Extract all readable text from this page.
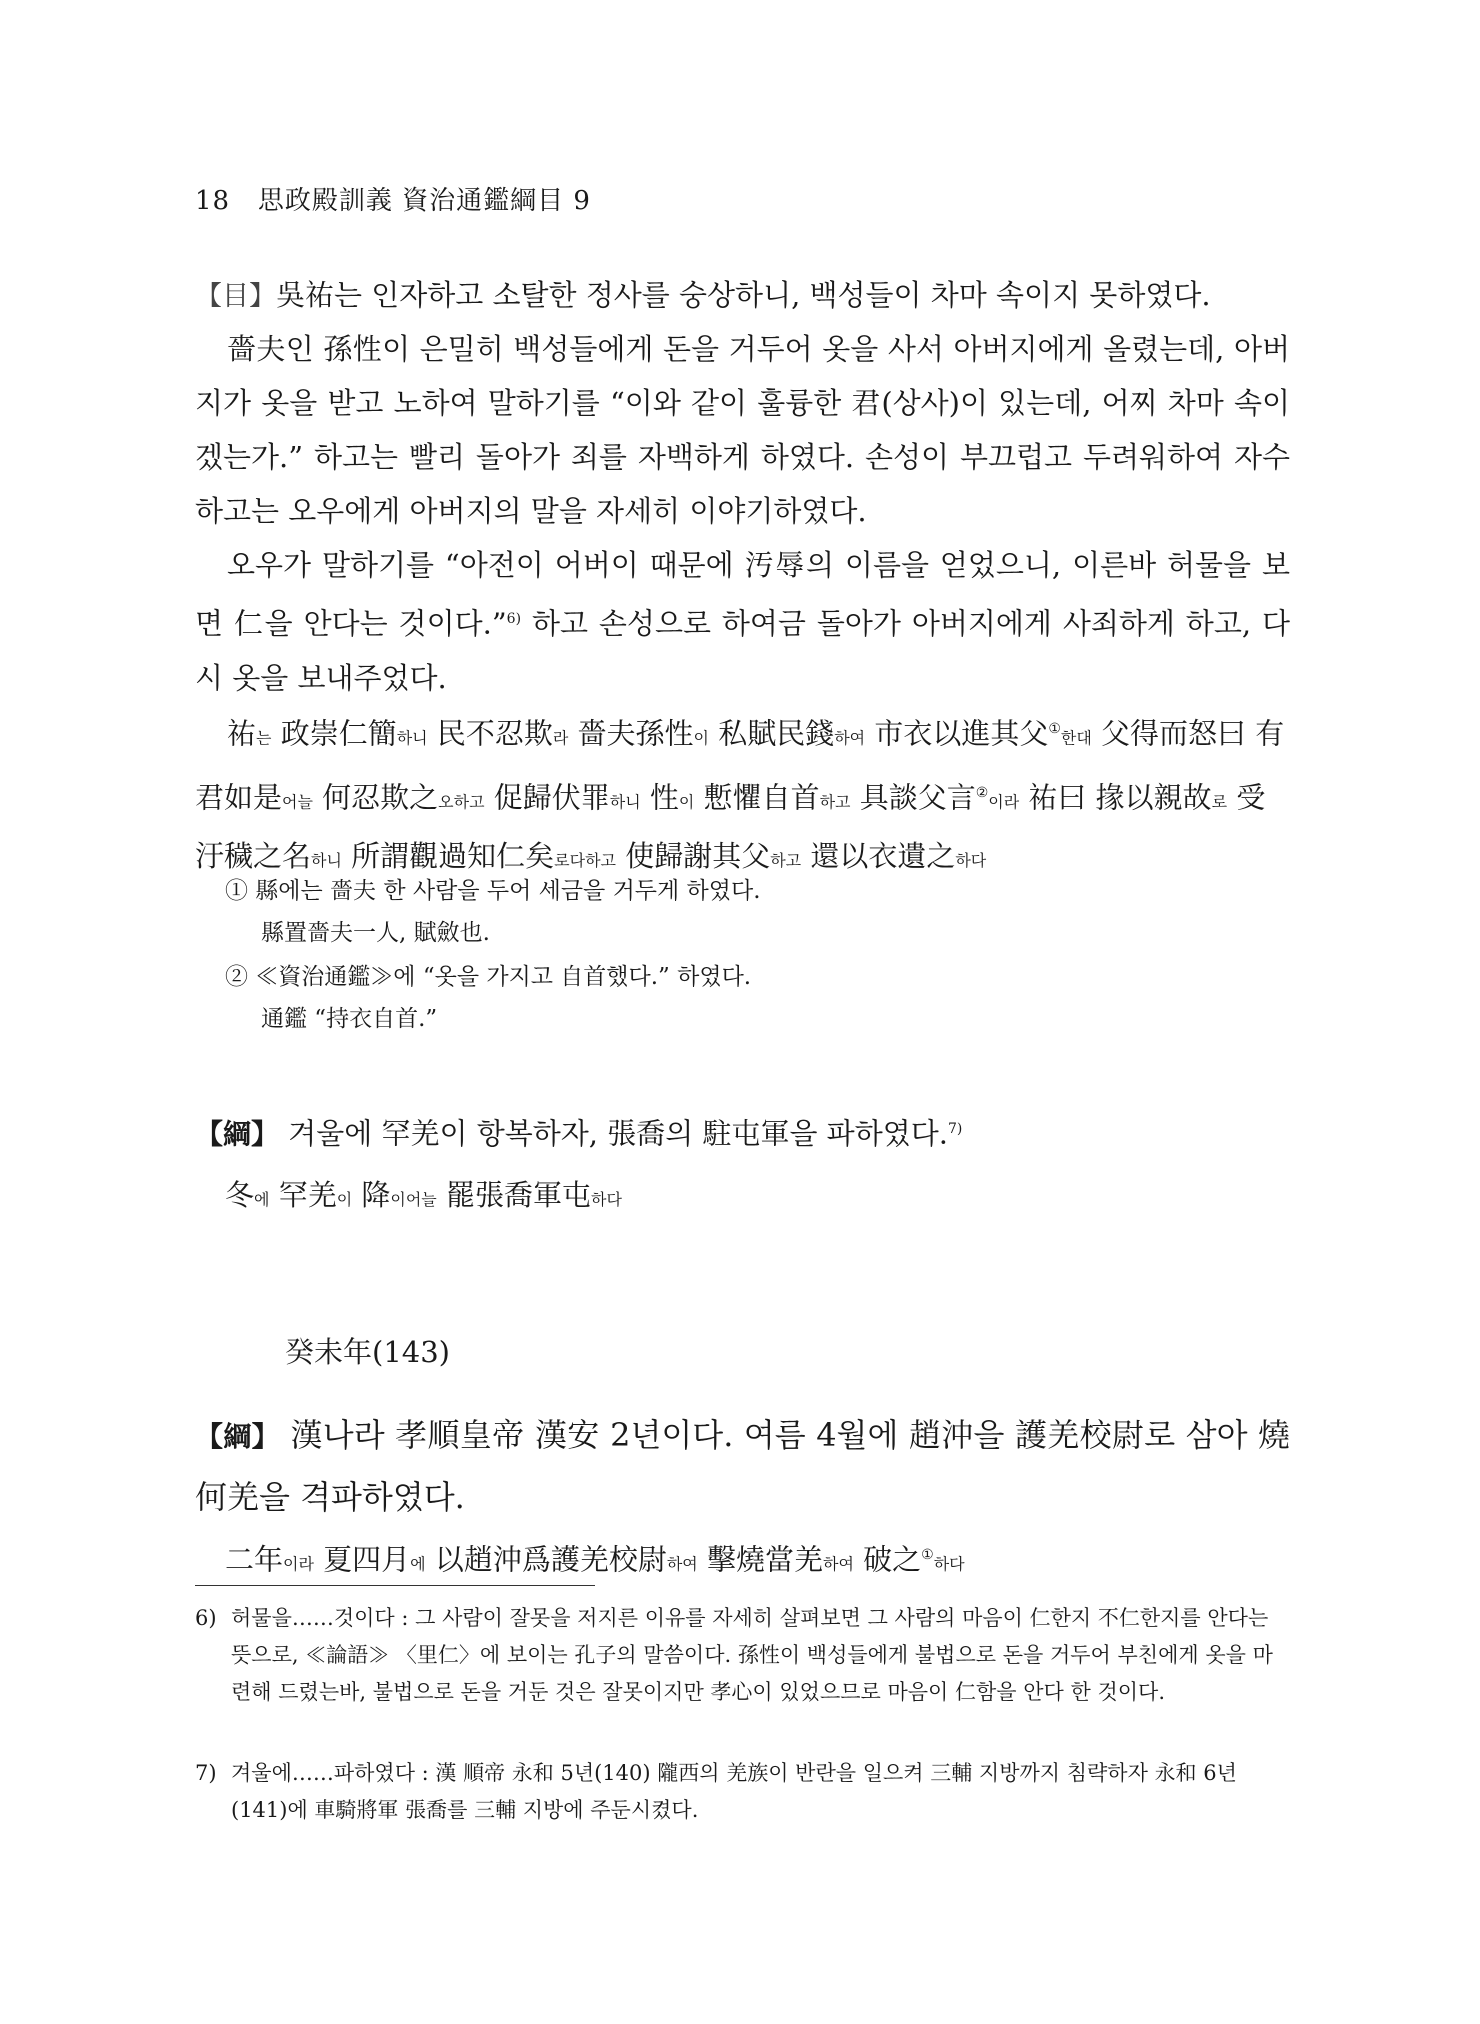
18 思政殿訓義 資治通鑑綱目 9
【目】吳祐는 인자하고 소탈한 정사를 숭상하니, 백성들이 차마 속이지 못하였다.
嗇夫인 孫性이 은밀히 백성들에게 돈을 거두어 옷을 사서 아버지에게 올렸는데, 아버지가 옷을 받고 노하여 말하기를 “이와 같이 훌륭한 君(상사)이 있는데, 어찌 차마 속이겠는가.” 하고는 빨리 돌아가 죄를 자백하게 하였다. 손성이 부끄럽고 두려워하여 자수하고는 오우에게 아버지의 말을 자세히 이야기하였다.
오우가 말하기를 “아전이 어버이 때문에 汚辱의 이름을 얻었으니, 이른바 허물을 보면 仁을 안다는 것이다.”$^{6)}$ 하고 손성으로 하여금 돌아가 아버지에게 사죄하게 하고, 다시 옷을 보내주었다.
祐는 政崇仁簡하니 民不忍欺라 嗇夫孫性이 私賦民錢하여 市衣以進其父①한대 父得而怒曰 有君如是어늘 何忍欺之오하고 促歸伏罪하니 性이 慙懼自首하고 具談父言②이라 祐曰 掾以親故로 受汙穢之名하니 所謂觀過知仁矣로다하고 使歸謝其父하고 還以衣遺之하다
① 縣에는 嗇夫 한 사람을 두어 세금을 거두게 하였다.
縣置嗇夫一人, 賦斂也.
② ≪資治通鑑≫에 “옷을 가지고 自首했다.” 하였다.
通鑑 “持衣自首.”
【綱】 겨울에 罕羌이 항복하자, 張喬의 駐屯軍을 파하였다.$^{7)}$
冬에 罕羌이 降이어늘 罷張喬軍屯하다
癸未年(143)
【綱】 漢나라 孝順皇帝 漢安 2년이다. 여름 4월에 趙沖을 護羌校尉로 삼아 燒何羌을 격파하였다.
二年이라 夏四月에 以趙沖爲護羌校尉하여 擊燒當羌하여 破之①하다
6) 허물을……것이다 : 그 사람이 잘못을 저지른 이유를 자세히 살펴보면 그 사람의 마음이 仁한지 不仁한지를 안다는 뜻으로, ≪論語≫ 〈里仁〉에 보이는 孔子의 말씀이다. 孫性이 백성들에게 불법으로 돈을 거두어 부친에게 옷을 마련해 드렸는바, 불법으로 돈을 거둔 것은 잘못이지만 孝心이 있었으므로 마음이 仁함을 안다 한 것이다.
7) 겨울에……파하였다 : 漢 順帝 永和 5년(140) 隴西의 羌族이 반란을 일으켜 三輔 지방까지 침략하자 永和 6년(141)에 車騎將軍 張喬를 三輔 지방에 주둔시켰다.
